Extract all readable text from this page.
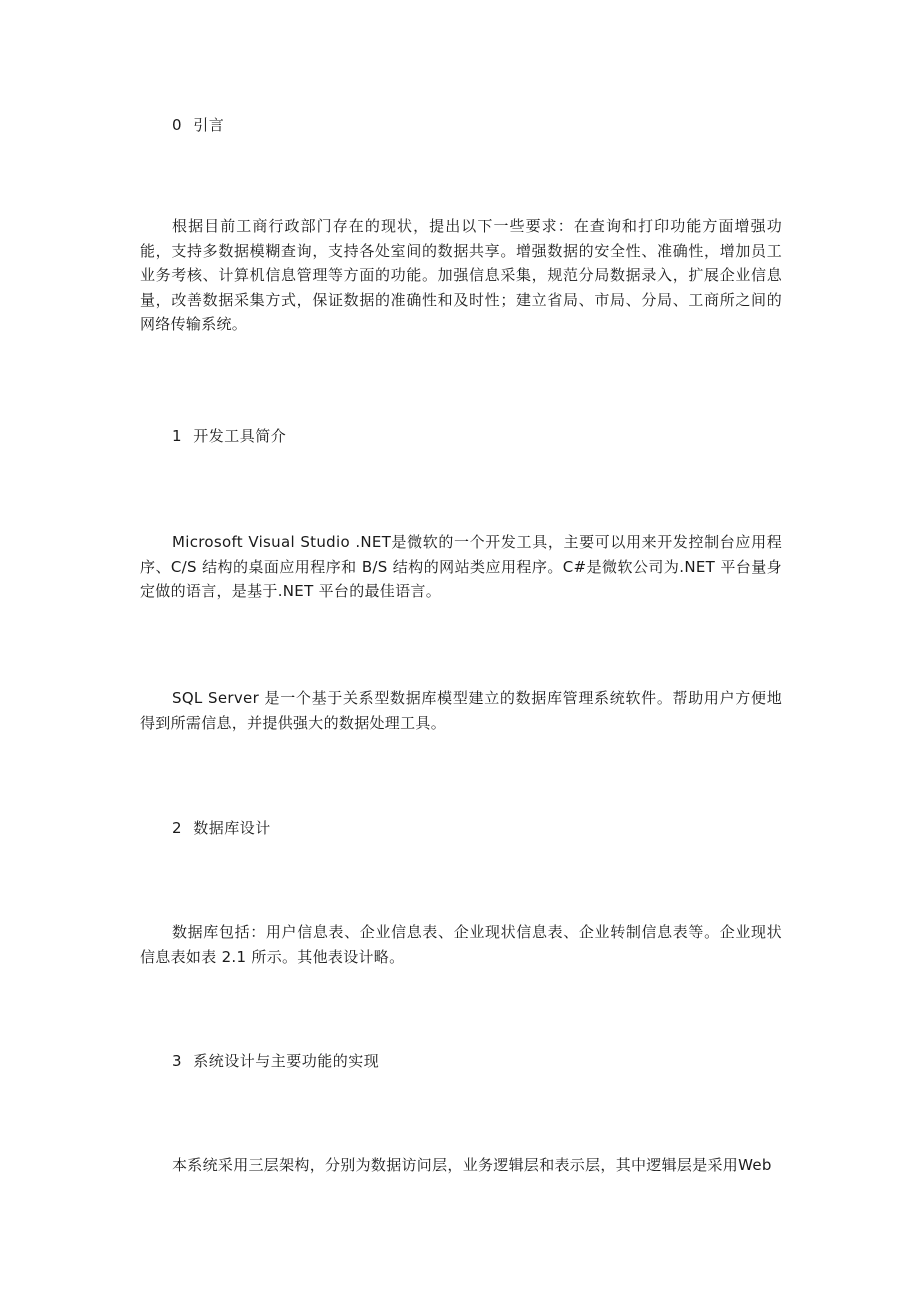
0 引言

根据目前工商行政部门存在的现状，提出以下一些要求：在查询和打印功能方面增强功能，支持多数据模糊查询，支持各处室间的数据共享。增强数据的安全性、准确性，增加员工业务考核、计算机信息管理等方面的功能。加强信息采集，规范分局数据录入，扩展企业信息量，改善数据采集方式，保证数据的准确性和及时性；建立省局、市局、分局、工商所之间的网络传输系统。

1 开发工具简介

Microsoft Visual Studio .NET是微软的一个开发工具，主要可以用来开发控制台应用程序、C/S 结构的桌面应用程序和 B/S 结构的网站类应用程序。C#是微软公司为.NET 平台量身定做的语言，是基于.NET 平台的最佳语言。

SQL Server 是一个基于关系型数据库模型建立的数据库管理系统软件。帮助用户方便地得到所需信息，并提供强大的数据处理工具。

2 数据库设计

数据库包括：用户信息表、企业信息表、企业现状信息表、企业转制信息表等。企业现状信息表如表 2.1 所示。其他表设计略。

3 系统设计与主要功能的实现

本系统采用三层架构，分别为数据访问层，业务逻辑层和表示层，其中逻辑层是采用Web
